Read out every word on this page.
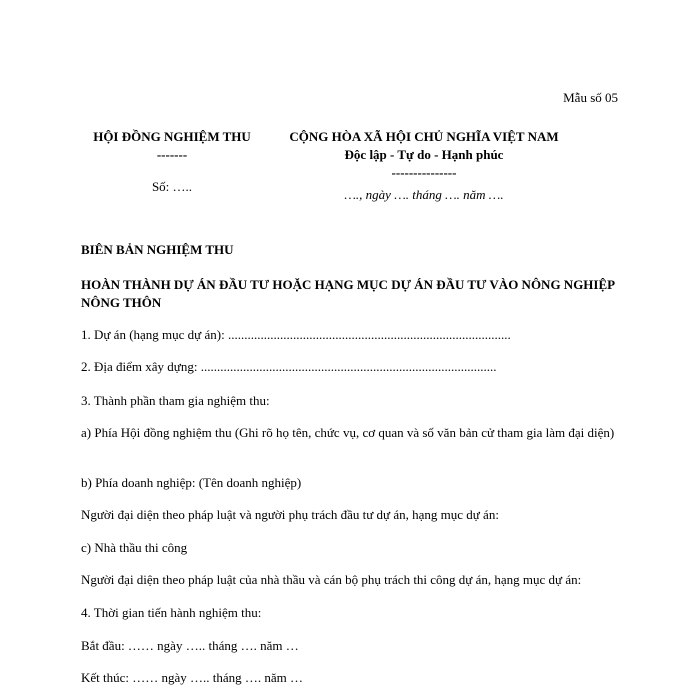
Mẫu số 05
HỘI ĐỒNG NGHIỆM THU
-------
Số: …..
CỘNG HÒA XÃ HỘI CHỦ NGHĨA VIỆT NAM
Độc lập - Tự do - Hạnh phúc
---------------
…., ngày …. tháng …. năm ….
BIÊN BẢN NGHIỆM THU
HOÀN THÀNH DỰ ÁN ĐẦU TƯ HOẶC HẠNG MỤC DỰ ÁN ĐẦU TƯ VÀO NÔNG NGHIỆP NÔNG THÔN
1. Dự án (hạng mục dự án): .......................................................................................
2. Địa điểm xây dựng: ...........................................................................................
3. Thành phần tham gia nghiệm thu:
a) Phía Hội đồng nghiệm thu (Ghi rõ họ tên, chức vụ, cơ quan và số văn bản cử tham gia làm đại diện)
b) Phía doanh nghiệp: (Tên doanh nghiệp)
Người đại diện theo pháp luật và người phụ trách đầu tư dự án, hạng mục dự án:
c) Nhà thầu thi công
Người đại diện theo pháp luật của nhà thầu và cán bộ phụ trách thi công dự án, hạng mục dự án:
4. Thời gian tiến hành nghiệm thu:
Bắt đầu: …… ngày ….. tháng …. năm …
Kết thúc: …… ngày ….. tháng …. năm …
